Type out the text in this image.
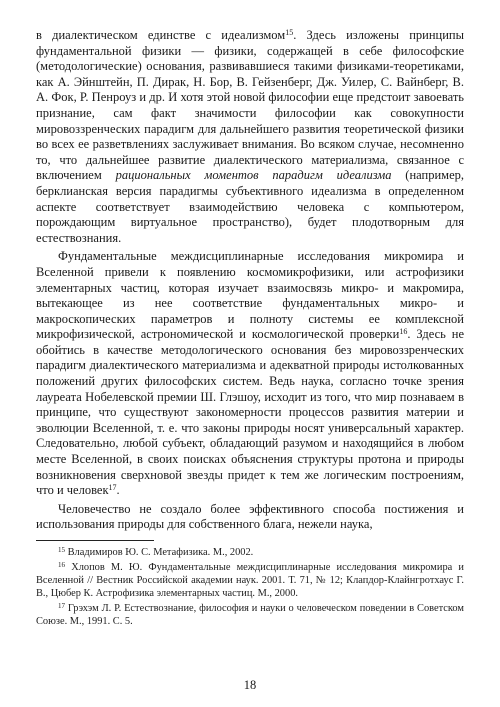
в диалектическом единстве с идеализмом$^{15}$. Здесь изложены принципы фундаментальной физики — физики, содержащей в себе философские (методологические) основания, развивавшиеся такими физиками-теоретиками, как А. Эйнштейн, П. Дирак, Н. Бор, В. Гейзенберг, Дж. Уилер, С. Вайнберг, В. А. Фок, Р. Пенроуз и др. И хотя этой новой философии еще предстоит завоевать признание, сам факт значимости философии как совокупности мировоззренческих парадигм для дальнейшего развития теоретической физики во всех ее разветвлениях заслуживает внимания. Во всяком случае, несомненно то, что дальнейшее развитие диалектического материализма, связанное с включением рациональных моментов парадигм идеализма (например, берклианская версия парадигмы субъективного идеализма в определенном аспекте соответствует взаимодействию человека с компьютером, порождающим виртуальное пространство), будет плодотворным для естествознания.

Фундаментальные междисциплинарные исследования микромира и Вселенной привели к появлению космомикрофизики, или астрофизики элементарных частиц, которая изучает взаимосвязь микро- и макромира, вытекающее из нее соответствие фундаментальных микро- и макроскопических параметров и полноту системы ее комплексной микрофизической, астрономической и космологической проверки$^{16}$. Здесь не обойтись в качестве методологического основания без мировоззренческих парадигм диалектического материализма и адекватной природы истолкованных положений других философских систем. Ведь наука, согласно точке зрения лауреата Нобелевской премии Ш. Глэшоу, исходит из того, что мир познаваем в принципе, что существуют закономерности процессов развития материи и эволюции Вселенной, т. е. что законы природы носят универсальный характер. Следовательно, любой субъект, обладающий разумом и находящийся в любом месте Вселенной, в своих поисках объяснения структуры протона и природы возникновения сверхновой звезды придет к тем же логическим построениям, что и человек$^{17}$.

Человечество не создало более эффективного способа постижения и использования природы для собственного блага, нежели наука,

$^{15}$ Владимиров Ю. С. Метафизика. М., 2002.

$^{16}$ Хлопов М. Ю. Фундаментальные междисциплинарные исследования микромира и Вселенной // Вестник Российской академии наук. 2001. Т. 71, № 12; Клапдор-Клайнгротхаус Г. В., Цюбер К. Астрофизика элементарных частиц. М., 2000.

$^{17}$ Грэхэм Л. Р. Естествознание, философия и науки о человеческом поведении в Советском Союзе. М., 1991. С. 5.

18
